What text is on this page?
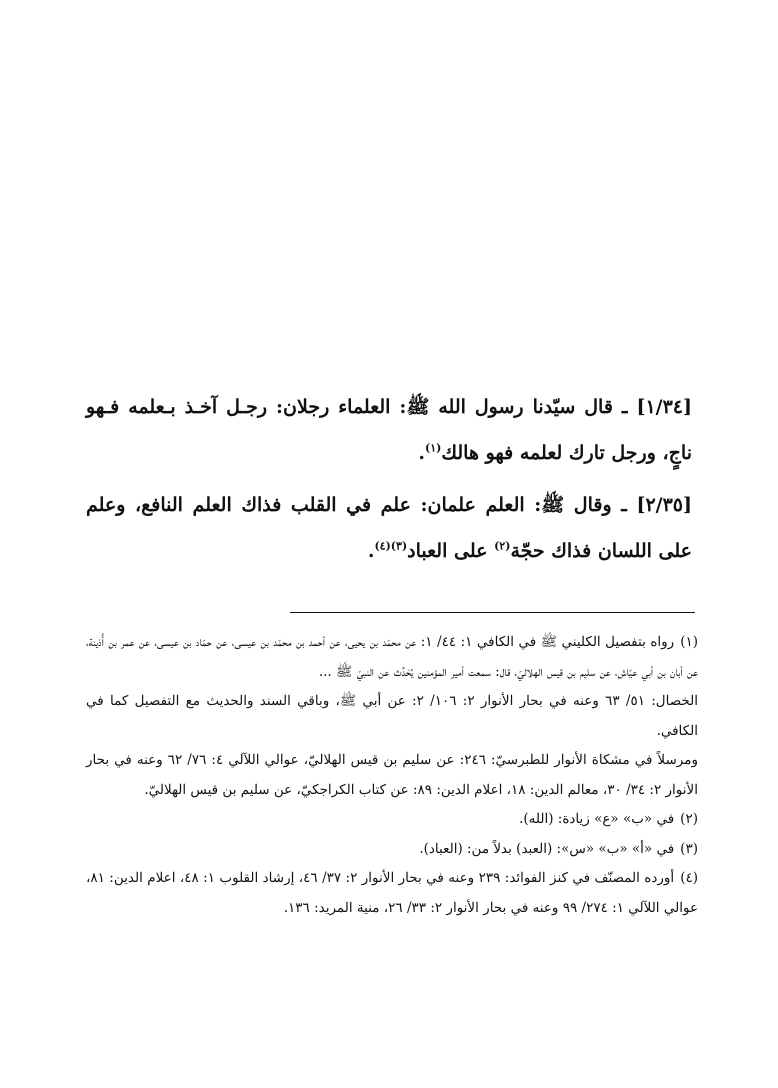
[١/٣٤] ـ قال سيّدنا رسول الله ﷺ: العلماء رجلان: رجـل آخـذ بـعلمه فـهو ناجٍ، ورجل تارك لعلمه فهو هالك$^{(١)}$.

[٢/٣٥] ـ وقال ﷺ: العلم علمان: علم في القلب فذاك العلم النافع، وعلم على اللسان فذاك حجّة$^{(٢)}$ على العباد$^{(٣)(٤)}$.

(١)رواه بتفصيل الكليني ﷺ في الكافي ١: ٤٤/ ١: عن محمّد بن يحيى، عن أحمد بن محمّد بن عيسى، عن حمّاد بن عيسى، عن عمر بن أُذينة، عن أبان بن أبي عيّاش، عن سليم بن قيس الهلاليّ، قال: سمعت أمير المؤمنين يُحَدِّث عن النبيّ ﷺ ...

الخصال: ٥١/ ٦٣ وعنه في بحار الأنوار ٢: ١٠٦/ ٢: عن أبي ﷺ، وباقي السند والحديث مع التفصيل كما في الكافي.

ومرسلاً في مشكاة الأنوار للطبرسيّ: ٢٤٦: عن سليم بن قيس الهلاليّ، عوالي اللآلي ٤: ٧٦/ ٦٢ وعنه في بحار الأنوار ٢: ٣٤/ ٣٠، معالم الدين: ١٨، اعلام الدين: ٨٩: عن كتاب الكراجكيّ، عن سليم بن قيس الهلاليّ.

(٢)في «ب» «ع» زيادة: (الله).

(٣)في «أ» «ب» «س»: (العبد) بدلاً من: (العباد).

(٤)أورده المصنّف في كنز الفوائد: ٢٣٩ وعنه في بحار الأنوار ٢: ٣٧/ ٤٦، إرشاد القلوب ١: ٤٨، اعلام الدين: ٨١، عوالي اللآلي ١: ٢٧٤/ ٩٩ وعنه في بحار الأنوار ٢: ٣٣/ ٢٦، منية المريد: ١٣٦.
